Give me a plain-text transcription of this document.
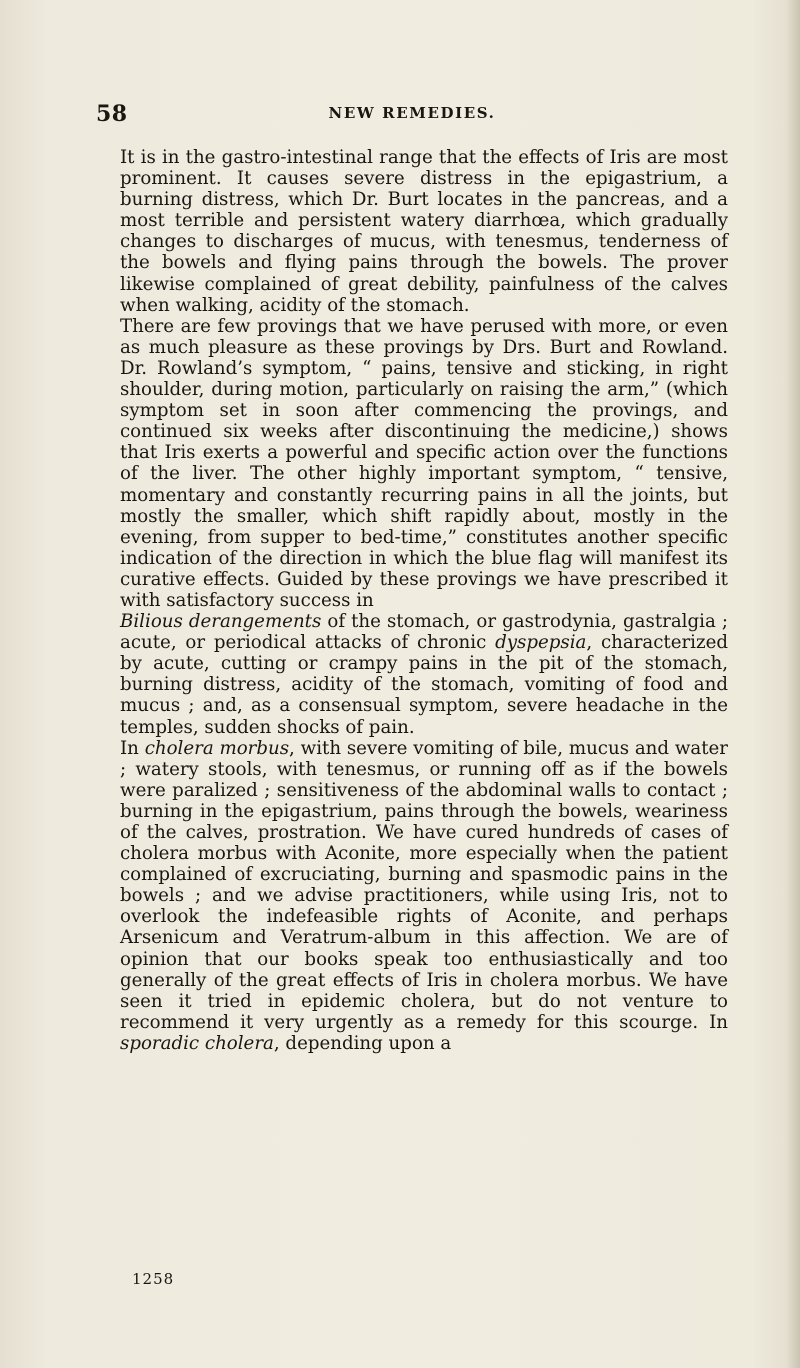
58	NEW REMEDIES.

It is in the gastro-intestinal range that the effects of Iris are most prominent. It causes severe distress in the epigastrium, a burning distress, which Dr. Burt locates in the pancreas, and a most terrible and persistent watery diarrhœa, which gradually changes to discharges of mucus, with tenesmus, tenderness of the bowels and flying pains through the bowels. The prover likewise complained of great debility, painfulness of the calves when walking, acidity of the stomach.

There are few provings that we have perused with more, or even as much pleasure as these provings by Drs. Burt and Rowland. Dr. Rowland’s symptom, “ pains, tensive and sticking, in right shoulder, during motion, particularly on raising the arm,” (which symptom set in soon after commencing the provings, and continued six weeks after discontinuing the medicine,) shows that Iris exerts a powerful and specific action over the functions of the liver. The other highly important symptom, “ tensive, momentary and constantly recurring pains in all the joints, but mostly the smaller, which shift rapidly about, mostly in the evening, from supper to bed-time,” constitutes another specific indication of the direction in which the blue flag will manifest its curative effects. Guided by these provings we have prescribed it with satisfactory success in

Bilious derangements of the stomach, or gastrodynia, gastralgia ; acute, or periodical attacks of chronic dyspepsia, characterized by acute, cutting or crampy pains in the pit of the stomach, burning distress, acidity of the stomach, vomiting of food and mucus ; and, as a consensual symptom, severe headache in the temples, sudden shocks of pain.

In cholera morbus, with severe vomiting of bile, mucus and water ; watery stools, with tenesmus, or running off as if the bowels were paralized ; sensitiveness of the abdominal walls to contact ; burning in the epigastrium, pains through the bowels, weariness of the calves, prostration. We have cured hundreds of cases of cholera morbus with Aconite, more especially when the patient complained of excruciating, burning and spasmodic pains in the bowels ; and we advise practitioners, while using Iris, not to overlook the indefeasible rights of Aconite, and perhaps Arsenicum and Veratrum-album in this affection. We are of opinion that our books speak too enthusiastically and too generally of the great effects of Iris in cholera morbus. We have seen it tried in epidemic cholera, but do not venture to recommend it very urgently as a remedy for this scourge. In sporadic cholera, depending upon a

1258
